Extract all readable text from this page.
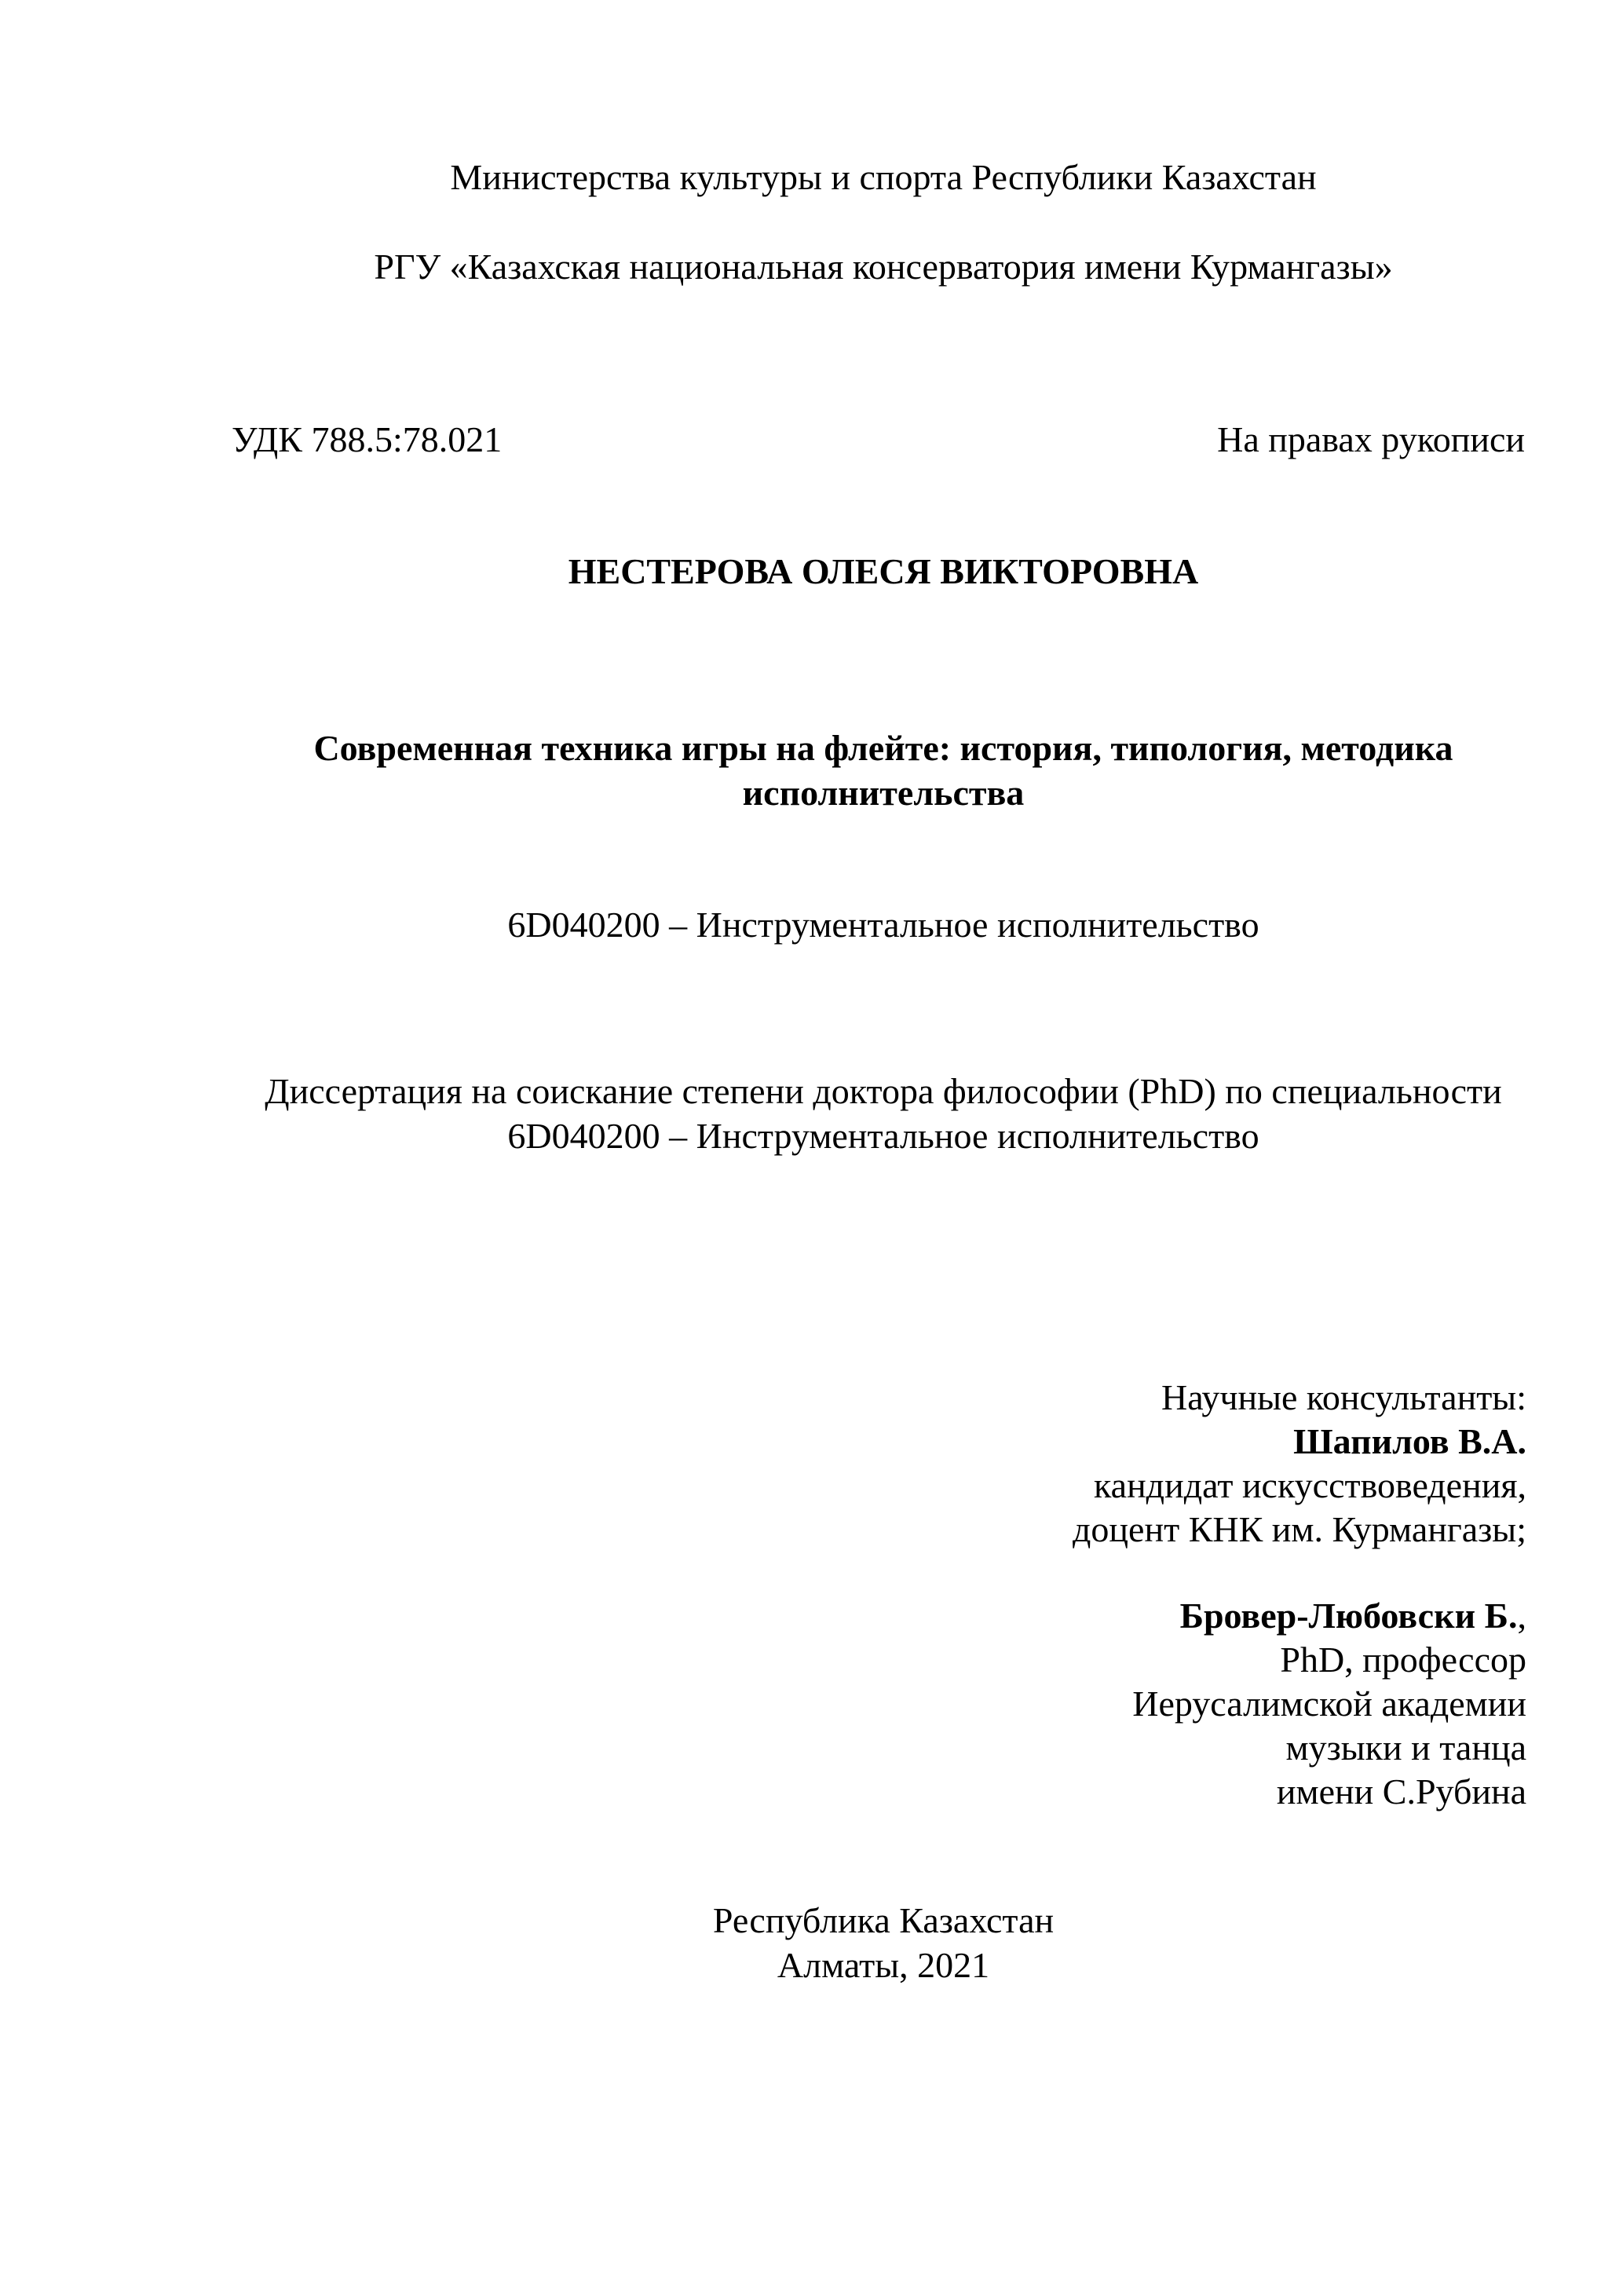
Министерства культуры и спорта Республики Казахстан
РГУ «Казахская национальная консерватория имени Курмангазы»
УДК 788.5:78.021	На правах рукописи
НЕСТЕРОВА ОЛЕСЯ ВИКТОРОВНА
Современная техника игры на флейте: история, типология, методика
исполнительства
6D040200 – Инструментальное исполнительство
Диссертация на соискание степени доктора философии (PhD) по специальности
6D040200 – Инструментальное исполнительство
Научные консультанты:
Шапилов В.А.
кандидат искусствоведения,
доцент КНК им. Курмангазы;
Бровер-Любовски Б.,
PhD, профессор
Иерусалимской академии
музыки и танца
имени С.Рубина
Республика Казахстан
Алматы, 2021
